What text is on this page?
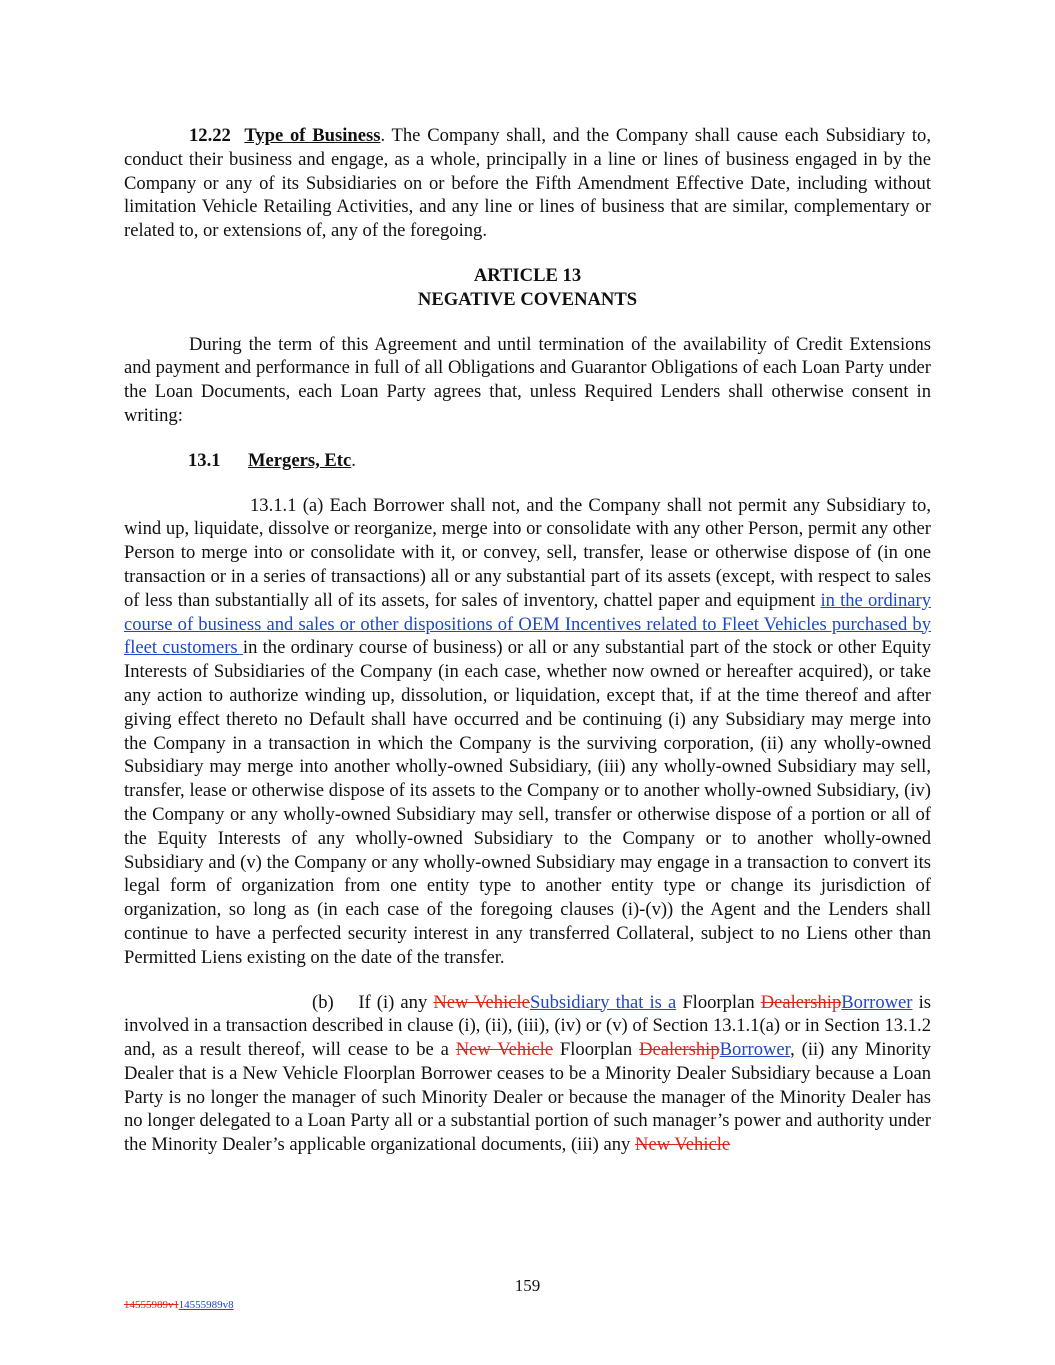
12.22 Type of Business. The Company shall, and the Company shall cause each Subsidiary to, conduct their business and engage, as a whole, principally in a line or lines of business engaged in by the Company or any of its Subsidiaries on or before the Fifth Amendment Effective Date, including without limitation Vehicle Retailing Activities, and any line or lines of business that are similar, complementary or related to, or extensions of, any of the foregoing.

ARTICLE 13
NEGATIVE COVENANTS

During the term of this Agreement and until termination of the availability of Credit Extensions and payment and performance in full of all Obligations and Guarantor Obligations of each Loan Party under the Loan Documents, each Loan Party agrees that, unless Required Lenders shall otherwise consent in writing:

13.1 Mergers, Etc.

13.1.1 (a) Each Borrower shall not, and the Company shall not permit any Subsidiary to, wind up, liquidate, dissolve or reorganize, merge into or consolidate with any other Person, permit any other Person to merge into or consolidate with it, or convey, sell, transfer, lease or otherwise dispose of (in one transaction or in a series of transactions) all or any substantial part of its assets (except, with respect to sales of less than substantially all of its assets, for sales of inventory, chattel paper and equipment in the ordinary course of business and sales or other dispositions of OEM Incentives related to Fleet Vehicles purchased by fleet customers in the ordinary course of business) or all or any substantial part of the stock or other Equity Interests of Subsidiaries of the Company (in each case, whether now owned or hereafter acquired), or take any action to authorize winding up, dissolution, or liquidation, except that, if at the time thereof and after giving effect thereto no Default shall have occurred and be continuing (i) any Subsidiary may merge into the Company in a transaction in which the Company is the surviving corporation, (ii) any wholly-owned Subsidiary may merge into another wholly-owned Subsidiary, (iii) any wholly-owned Subsidiary may sell, transfer, lease or otherwise dispose of its assets to the Company or to another wholly-owned Subsidiary, (iv) the Company or any wholly-owned Subsidiary may sell, transfer or otherwise dispose of a portion or all of the Equity Interests of any wholly-owned Subsidiary to the Company or to another wholly-owned Subsidiary and (v) the Company or any wholly-owned Subsidiary may engage in a transaction to convert its legal form of organization from one entity type to another entity type or change its jurisdiction of organization, so long as (in each case of the foregoing clauses (i)-(v)) the Agent and the Lenders shall continue to have a perfected security interest in any transferred Collateral, subject to no Liens other than Permitted Liens existing on the date of the transfer.

(b)  If (i) any New VehicleSubsidiary that is a Floorplan DealershipBorrower is involved in a transaction described in clause (i), (ii), (iii), (iv) or (v) of Section 13.1.1(a) or in Section 13.1.2 and, as a result thereof, will cease to be a New Vehicle Floorplan DealershipBorrower, (ii) any Minority Dealer that is a New Vehicle Floorplan Borrower ceases to be a Minority Dealer Subsidiary because a Loan Party is no longer the manager of such Minority Dealer or because the manager of the Minority Dealer has no longer delegated to a Loan Party all or a substantial portion of such manager’s power and authority under the Minority Dealer’s applicable organizational documents, (iii) any New Vehicle

159
14555989v114555989v8
